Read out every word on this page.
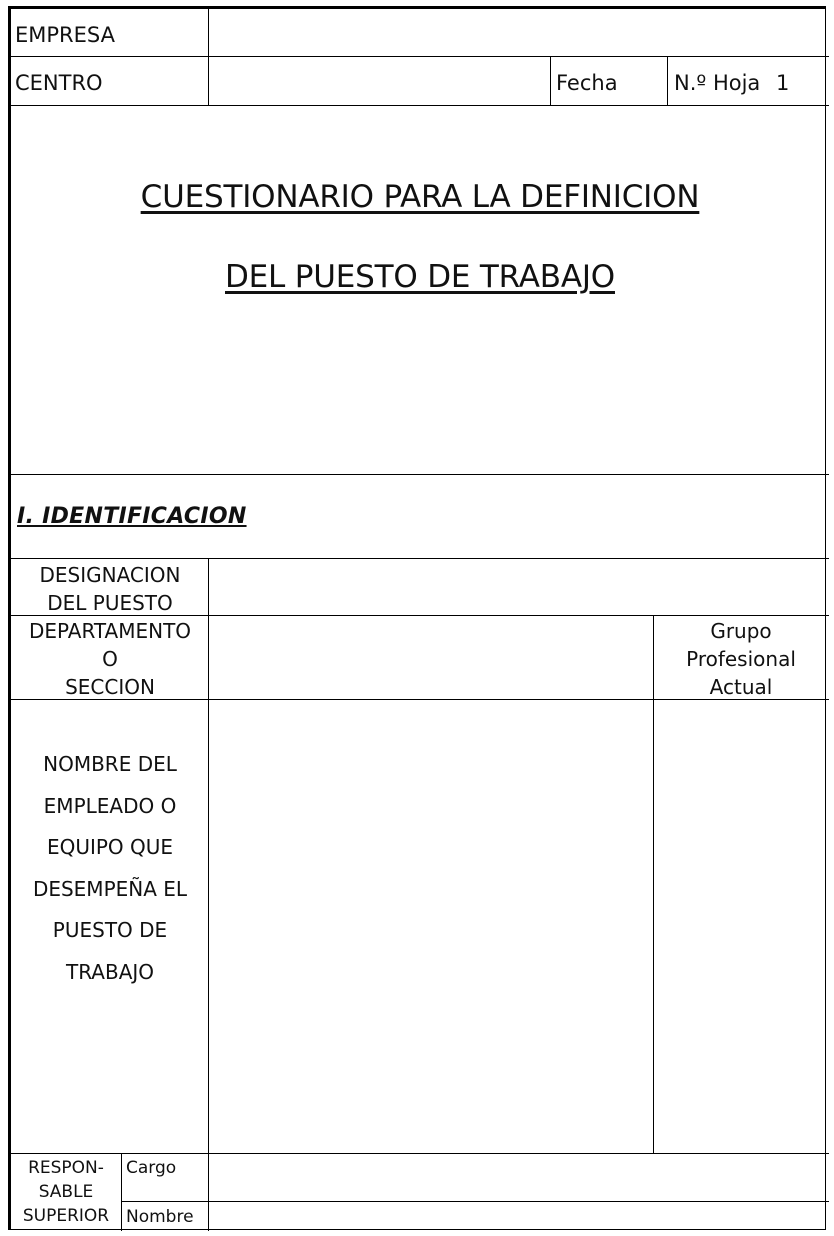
EMPRESA
CENTRO	Fecha	N.º Hoja 1
CUESTIONARIO PARA LA DEFINICION
DEL PUESTO DE TRABAJO
I. IDENTIFICACION
DESIGNACION
DEL PUESTO
DEPARTAMENTO
O
SECCION
Grupo
Profesional
Actual
NOMBRE DEL
EMPLEADO O
EQUIPO QUE
DESEMPEÑA EL
PUESTO DE
TRABAJO
RESPON-
SABLE
SUPERIOR
Cargo
Nombre
